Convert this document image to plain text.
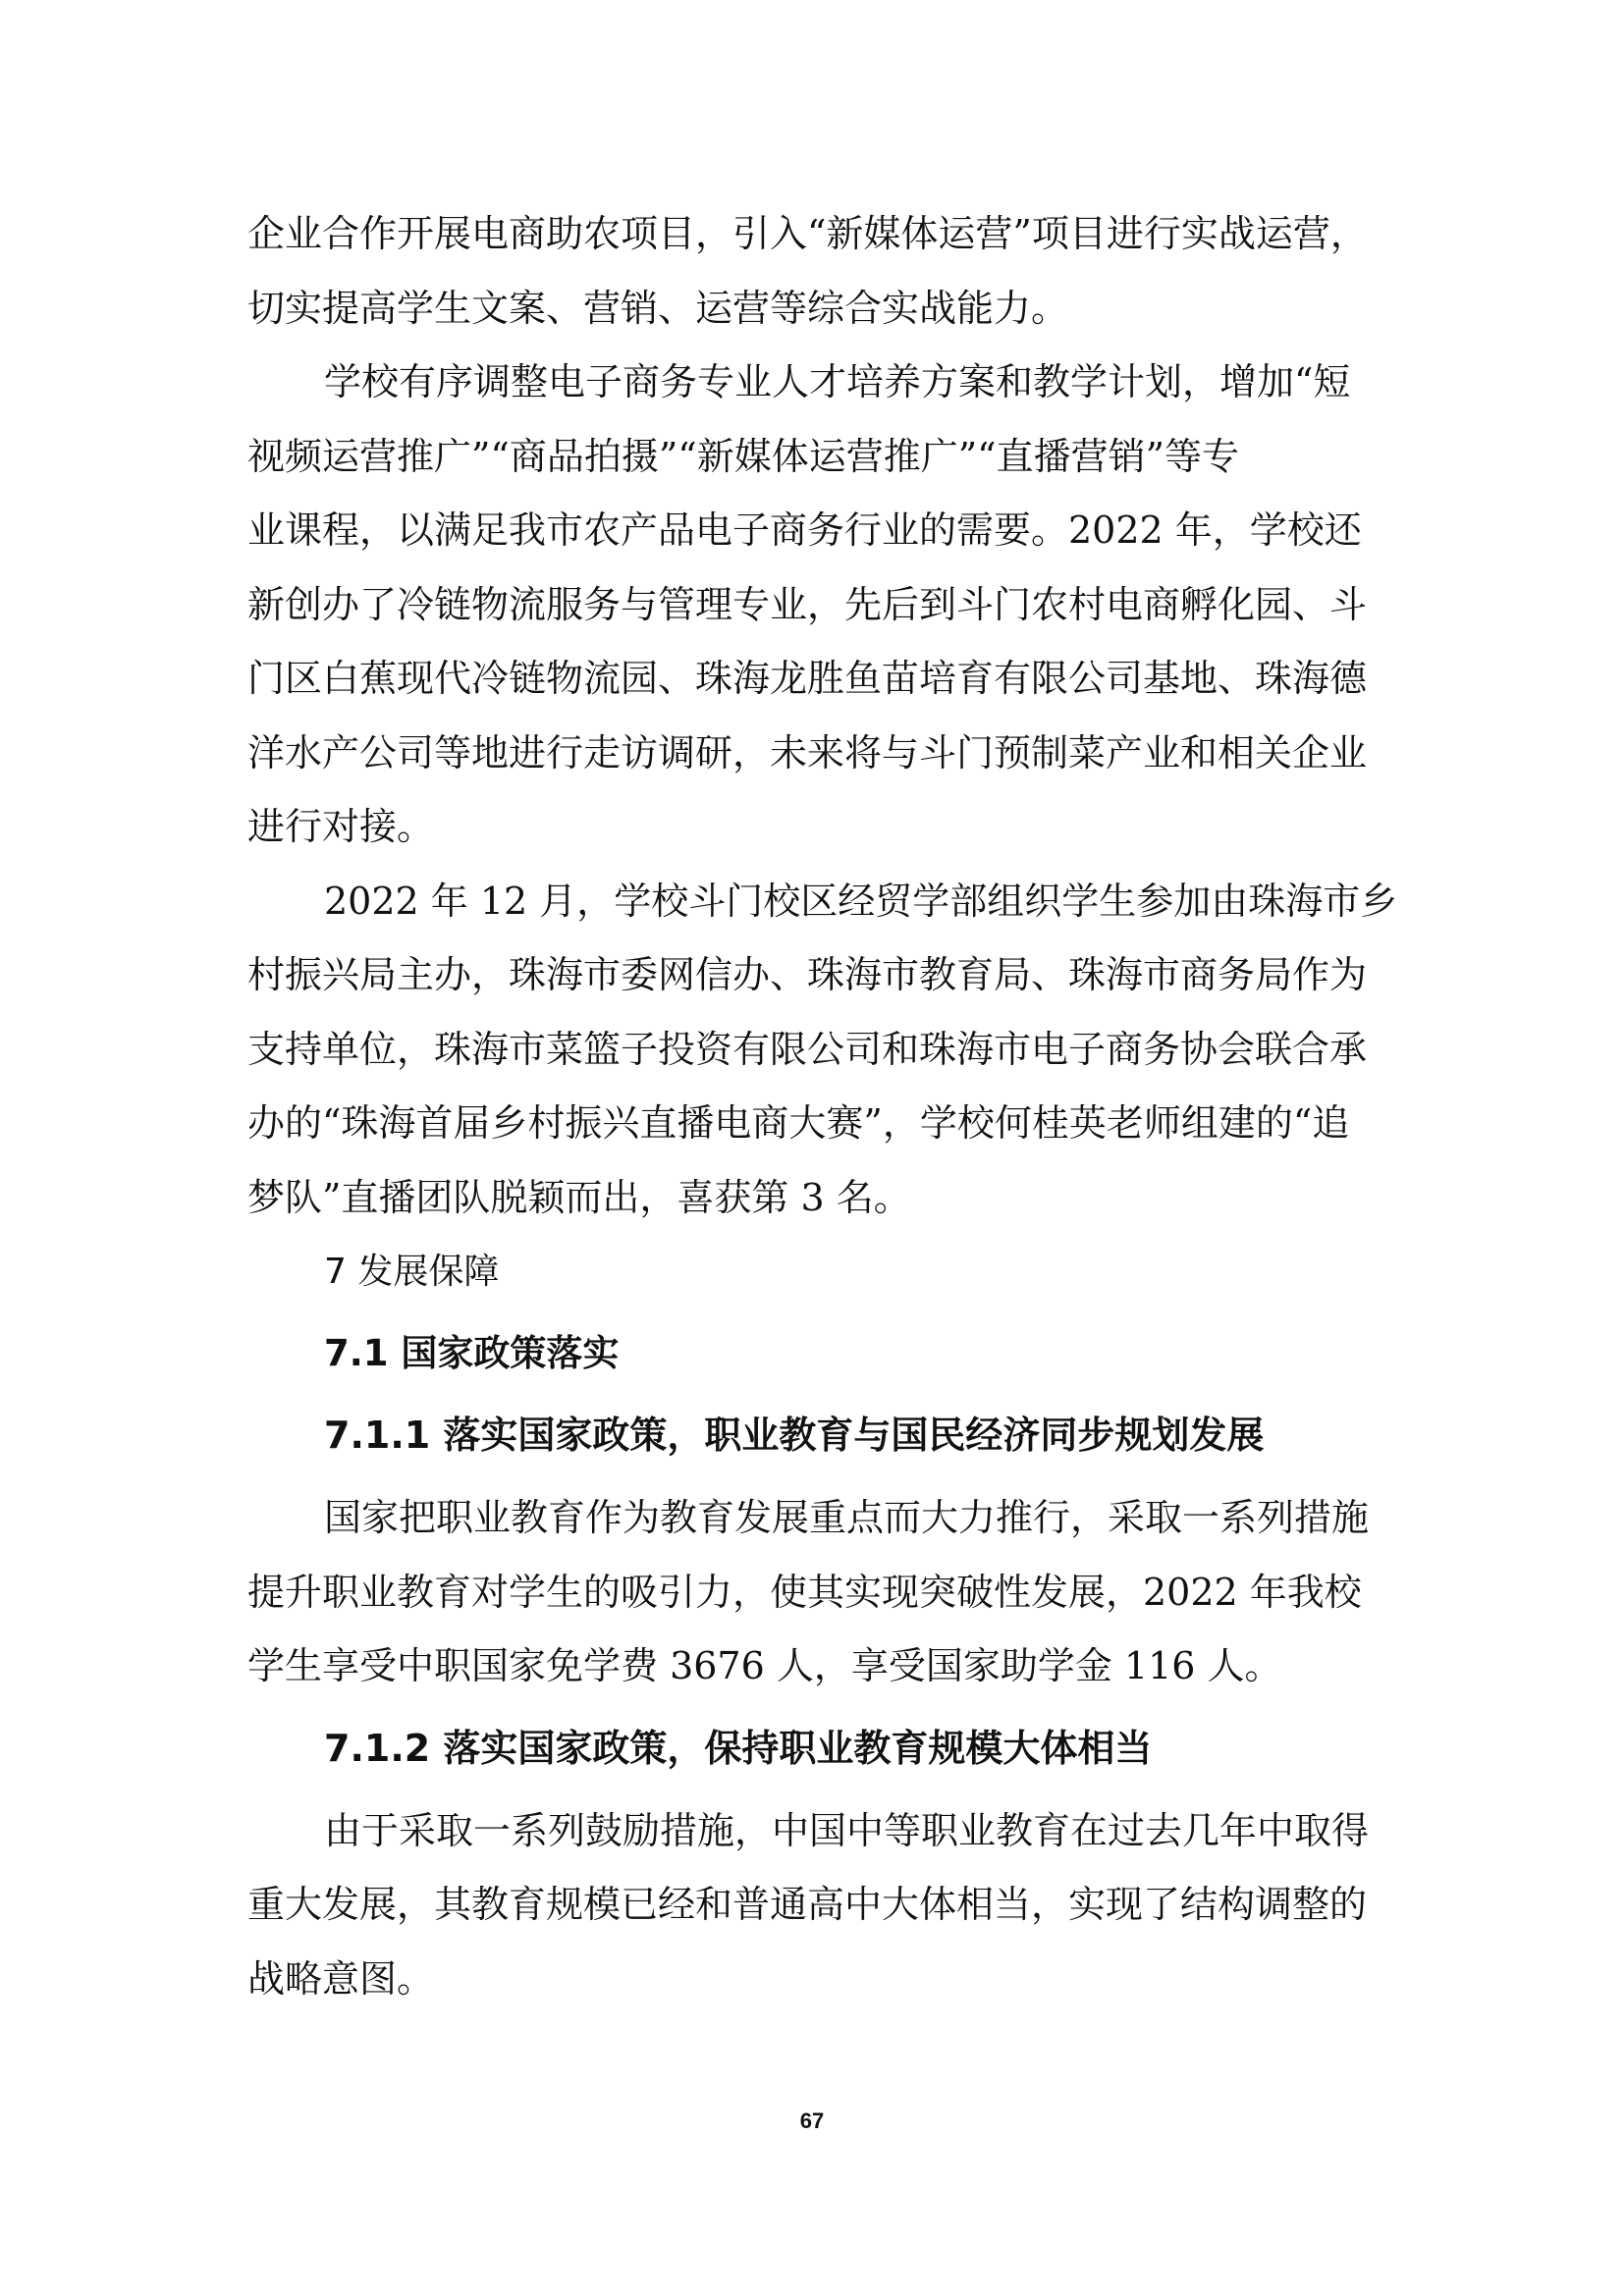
企业合作开展电商助农项目，引入“新媒体运营”项目进行实战运营，
切实提高学生文案、营销、运营等综合实战能力。
学校有序调整电子商务专业人才培养方案和教学计划，增加“短
视频运营推广”“商品拍摄”“新媒体运营推广”“直播营销”等专
业课程，以满足我市农产品电子商务行业的需要。2022 年，学校还
新创办了冷链物流服务与管理专业，先后到斗门农村电商孵化园、斗
门区白蕉现代冷链物流园、珠海龙胜鱼苗培育有限公司基地、珠海德
洋水产公司等地进行走访调研，未来将与斗门预制菜产业和相关企业
进行对接。
2022 年 12 月，学校斗门校区经贸学部组织学生参加由珠海市乡
村振兴局主办，珠海市委网信办、珠海市教育局、珠海市商务局作为
支持单位，珠海市菜篮子投资有限公司和珠海市电子商务协会联合承
办的“珠海首届乡村振兴直播电商大赛”，学校何桂英老师组建的“追
梦队”直播团队脱颖而出，喜获第 3 名。
7 发展保障
7.1 国家政策落实
7.1.1 落实国家政策，职业教育与国民经济同步规划发展
国家把职业教育作为教育发展重点而大力推行，采取一系列措施
提升职业教育对学生的吸引力，使其实现突破性发展，2022 年我校
学生享受中职国家免学费 3676 人，享受国家助学金 116 人。
7.1.2 落实国家政策，保持职业教育规模大体相当
由于采取一系列鼓励措施，中国中等职业教育在过去几年中取得
重大发展，其教育规模已经和普通高中大体相当，实现了结构调整的
战略意图。
67
